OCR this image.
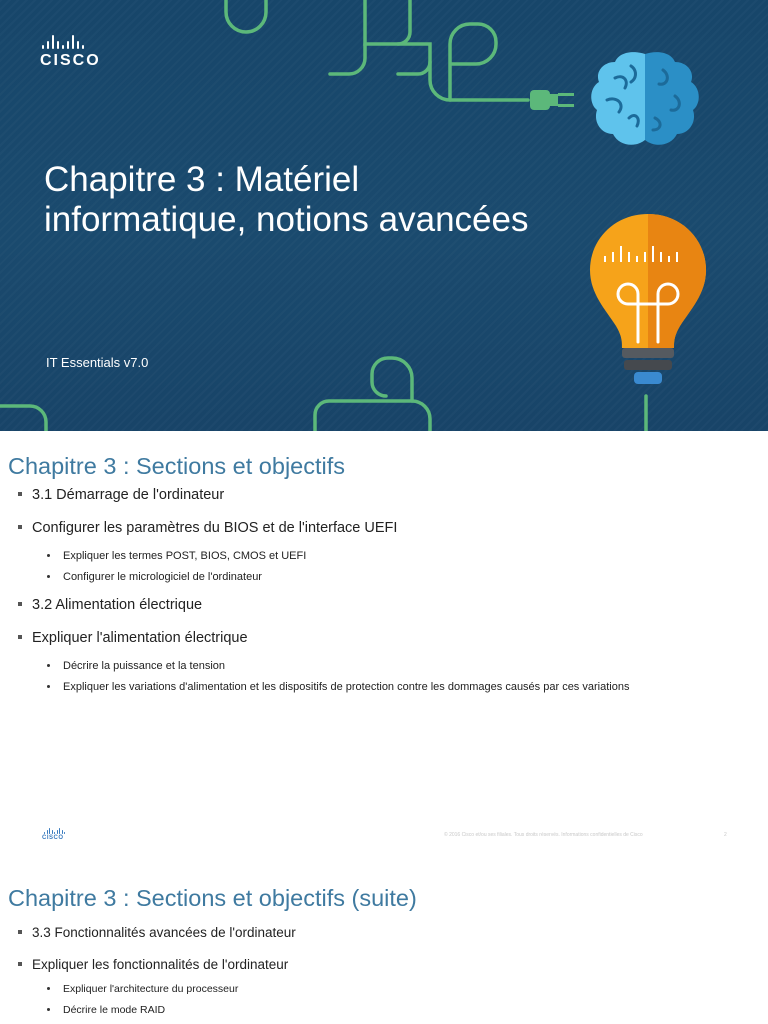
CISCO
Chapitre 3 : Matériel
informatique, notions avancées
IT Essentials v7.0
Chapitre 3 : Sections et objectifs
3.1 Démarrage de l'ordinateur
Configurer les paramètres du BIOS et de l'interface UEFI
Expliquer les termes POST, BIOS, CMOS et UEFI
Configurer le micrologiciel de l'ordinateur
3.2 Alimentation électrique
Expliquer l'alimentation électrique
Décrire la puissance et la tension
Expliquer les variations d'alimentation et les dispositifs de protection contre les dommages causés par ces variations
CISCO	© 2016 Cisco et/ou ses filiales. Tous droits réservés. Informations confidentielles de Cisco	2
Chapitre 3 : Sections et objectifs (suite)
3.3 Fonctionnalités avancées de l'ordinateur
Expliquer les fonctionnalités de l'ordinateur
Expliquer l'architecture du processeur
Décrire le mode RAID
